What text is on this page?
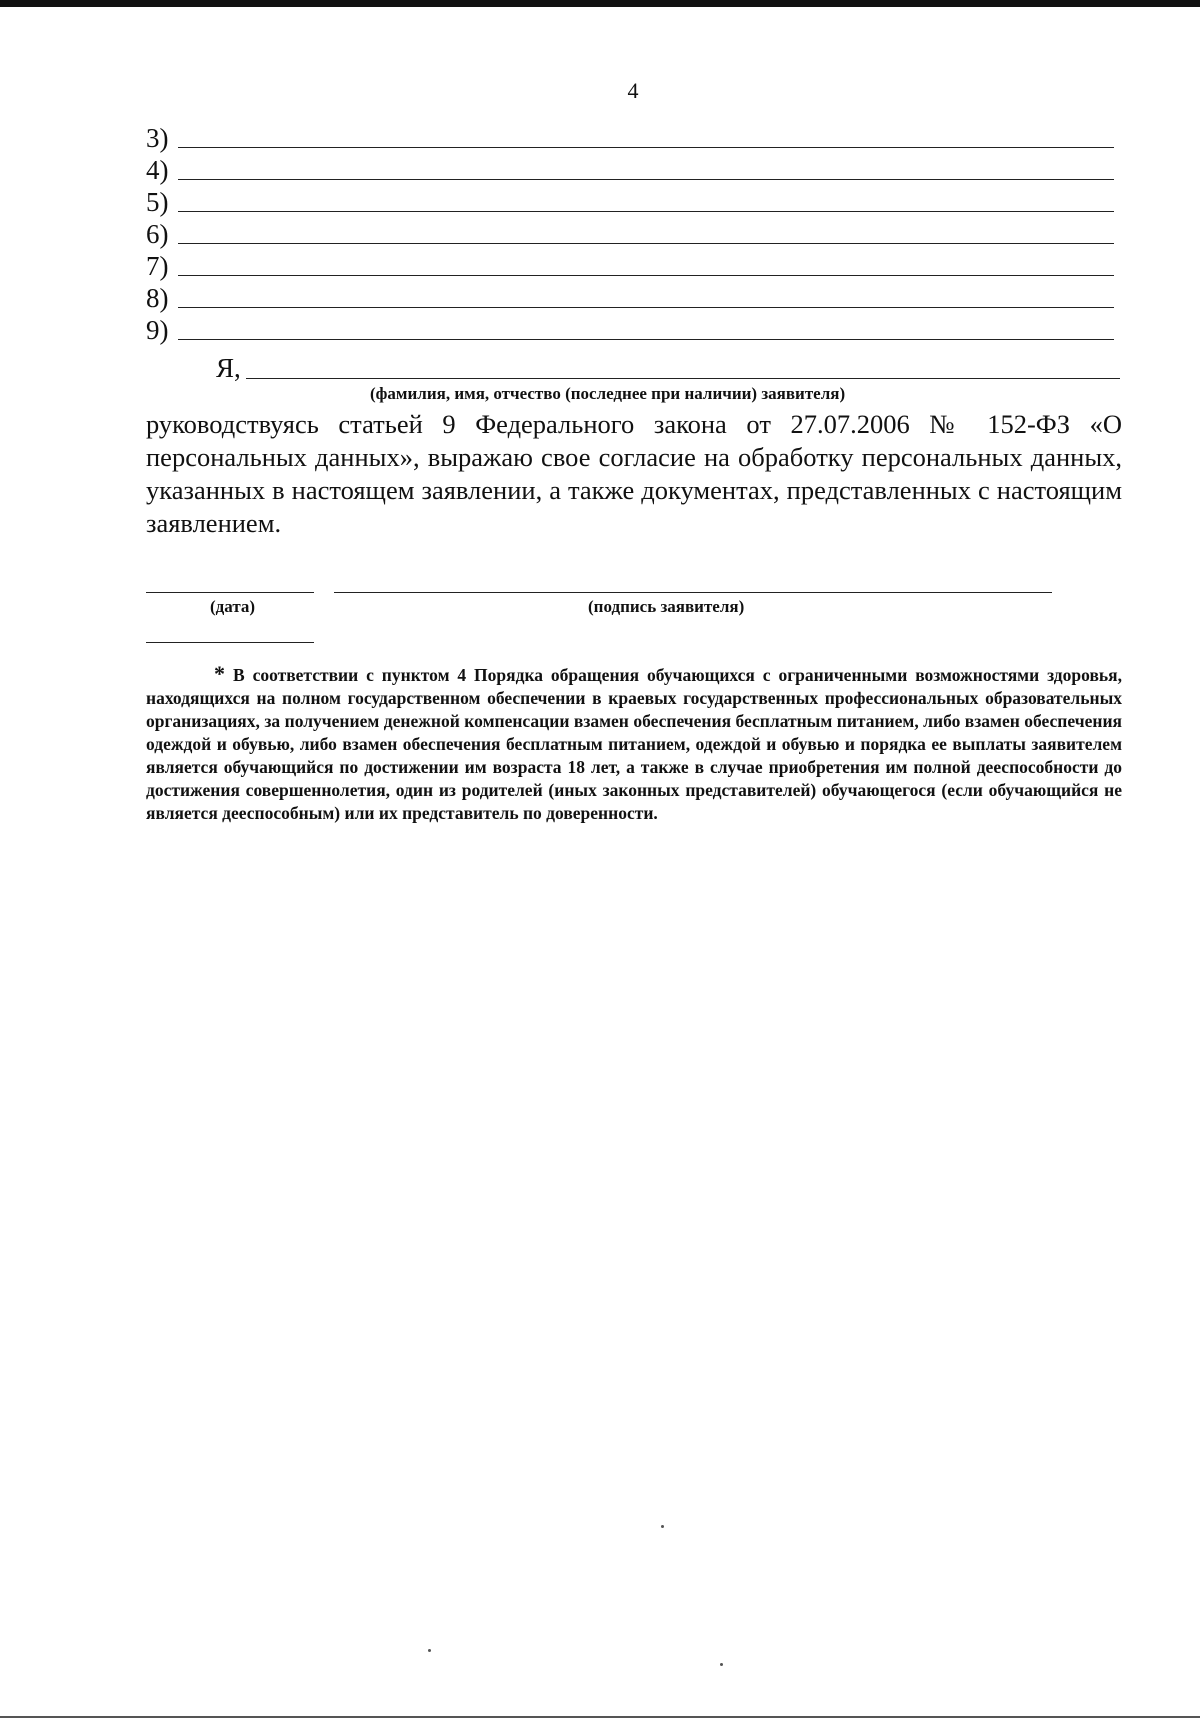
4
3)
4)
5)
6)
7)
8)
9)
Я,
(фамилия, имя, отчество (последнее при наличии) заявителя)

руководствуясь статьей 9 Федерального закона от 27.07.2006 № 152-ФЗ «О персональных данных», выражаю свое согласие на обработку персональных данных, указанных в настоящем заявлении, а также документах, представленных с настоящим заявлением.

(дата)	(подпись заявителя)

* В соответствии с пунктом 4 Порядка обращения обучающихся с ограниченными возможностями здоровья, находящихся на полном государственном обеспечении в краевых государственных профессиональных образовательных организациях, за получением денежной компенсации взамен обеспечения бесплатным питанием, либо взамен обеспечения одеждой и обувью, либо взамен обеспечения бесплатным питанием, одеждой и обувью и порядка ее выплаты заявителем является обучающийся по достижении им возраста 18 лет, а также в случае приобретения им полной дееспособности до достижения совершеннолетия, один из родителей (иных законных представителей) обучающегося (если обучающийся не является дееспособным) или их представитель по доверенности.
